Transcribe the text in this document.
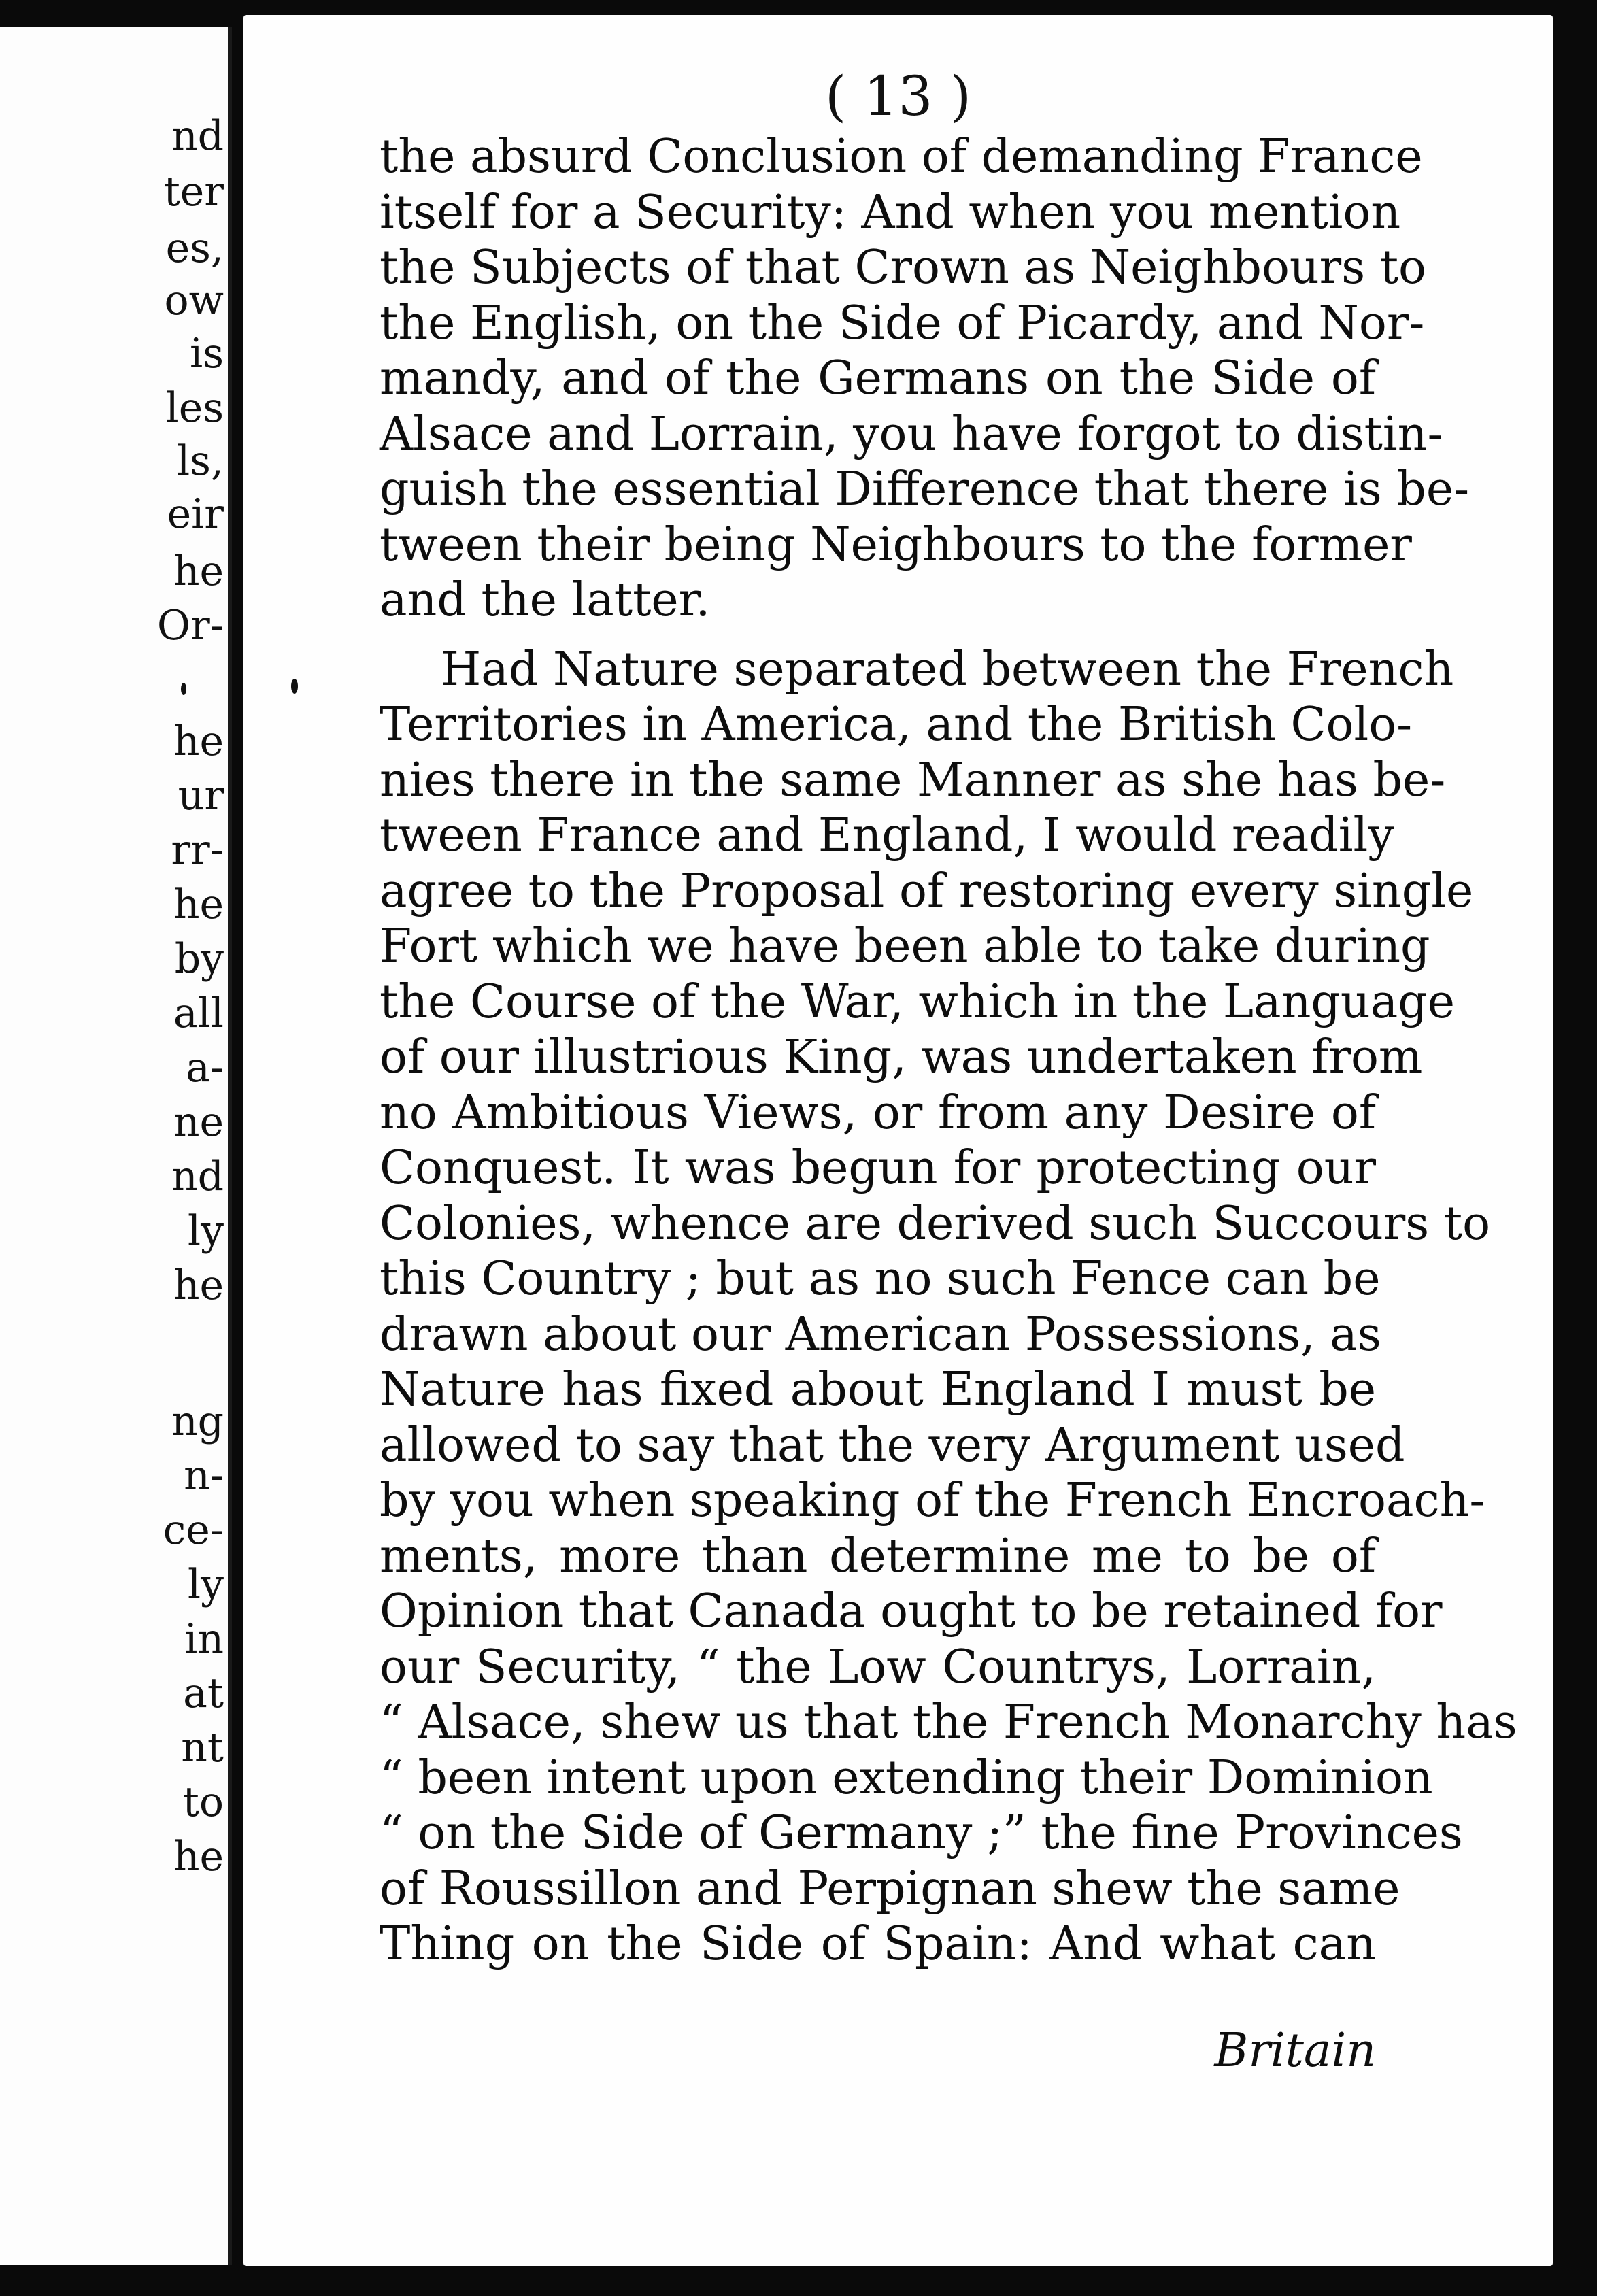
nd
ter
es,
ow
is
les
ls,
eir
he
Or-
he
ur
rr-
he
by
all
a-
ne
nd
ly
he
ng
n-
ce-
ly
in
at
nt
to
he
( 13 )
Britain
the absurd Conclusion of demanding France
itself for a Security: And when you mention
the Subjects of that Crown as Neighbours to
the English, on the Side of Picardy, and Nor-
mandy, and of the Germans on the Side of
Alsace and Lorrain, you have forgot to distin-
guish the essential Difference that there is be-
tween their being Neighbours to the former
and the latter.
Had Nature separated between the French
Territories in America, and the British Colo-
nies there in the same Manner as she has be-
tween France and England, I would readily
agree to the Proposal of restoring every single
Fort which we have been able to take during
the Course of the War, which in the Language
of our illustrious King, was undertaken from
no Ambitious Views, or from any Desire of
Conquest. It was begun for protecting our
Colonies, whence are derived such Succours to
this Country ; but as no such Fence can be
drawn about our American Possessions, as
Nature has fixed about England I must be
allowed to say that the very Argument used
by you when speaking of the French Encroach-
ments, more than determine me to be of
Opinion that Canada ought to be retained for
our Security, “ the Low Countrys, Lorrain,
“ Alsace, shew us that the French Monarchy has
“ been intent upon extending their Dominion
“ on the Side of Germany ;” the fine Provinces
of Roussillon and Perpignan shew the same
Thing on the Side of Spain: And what can
